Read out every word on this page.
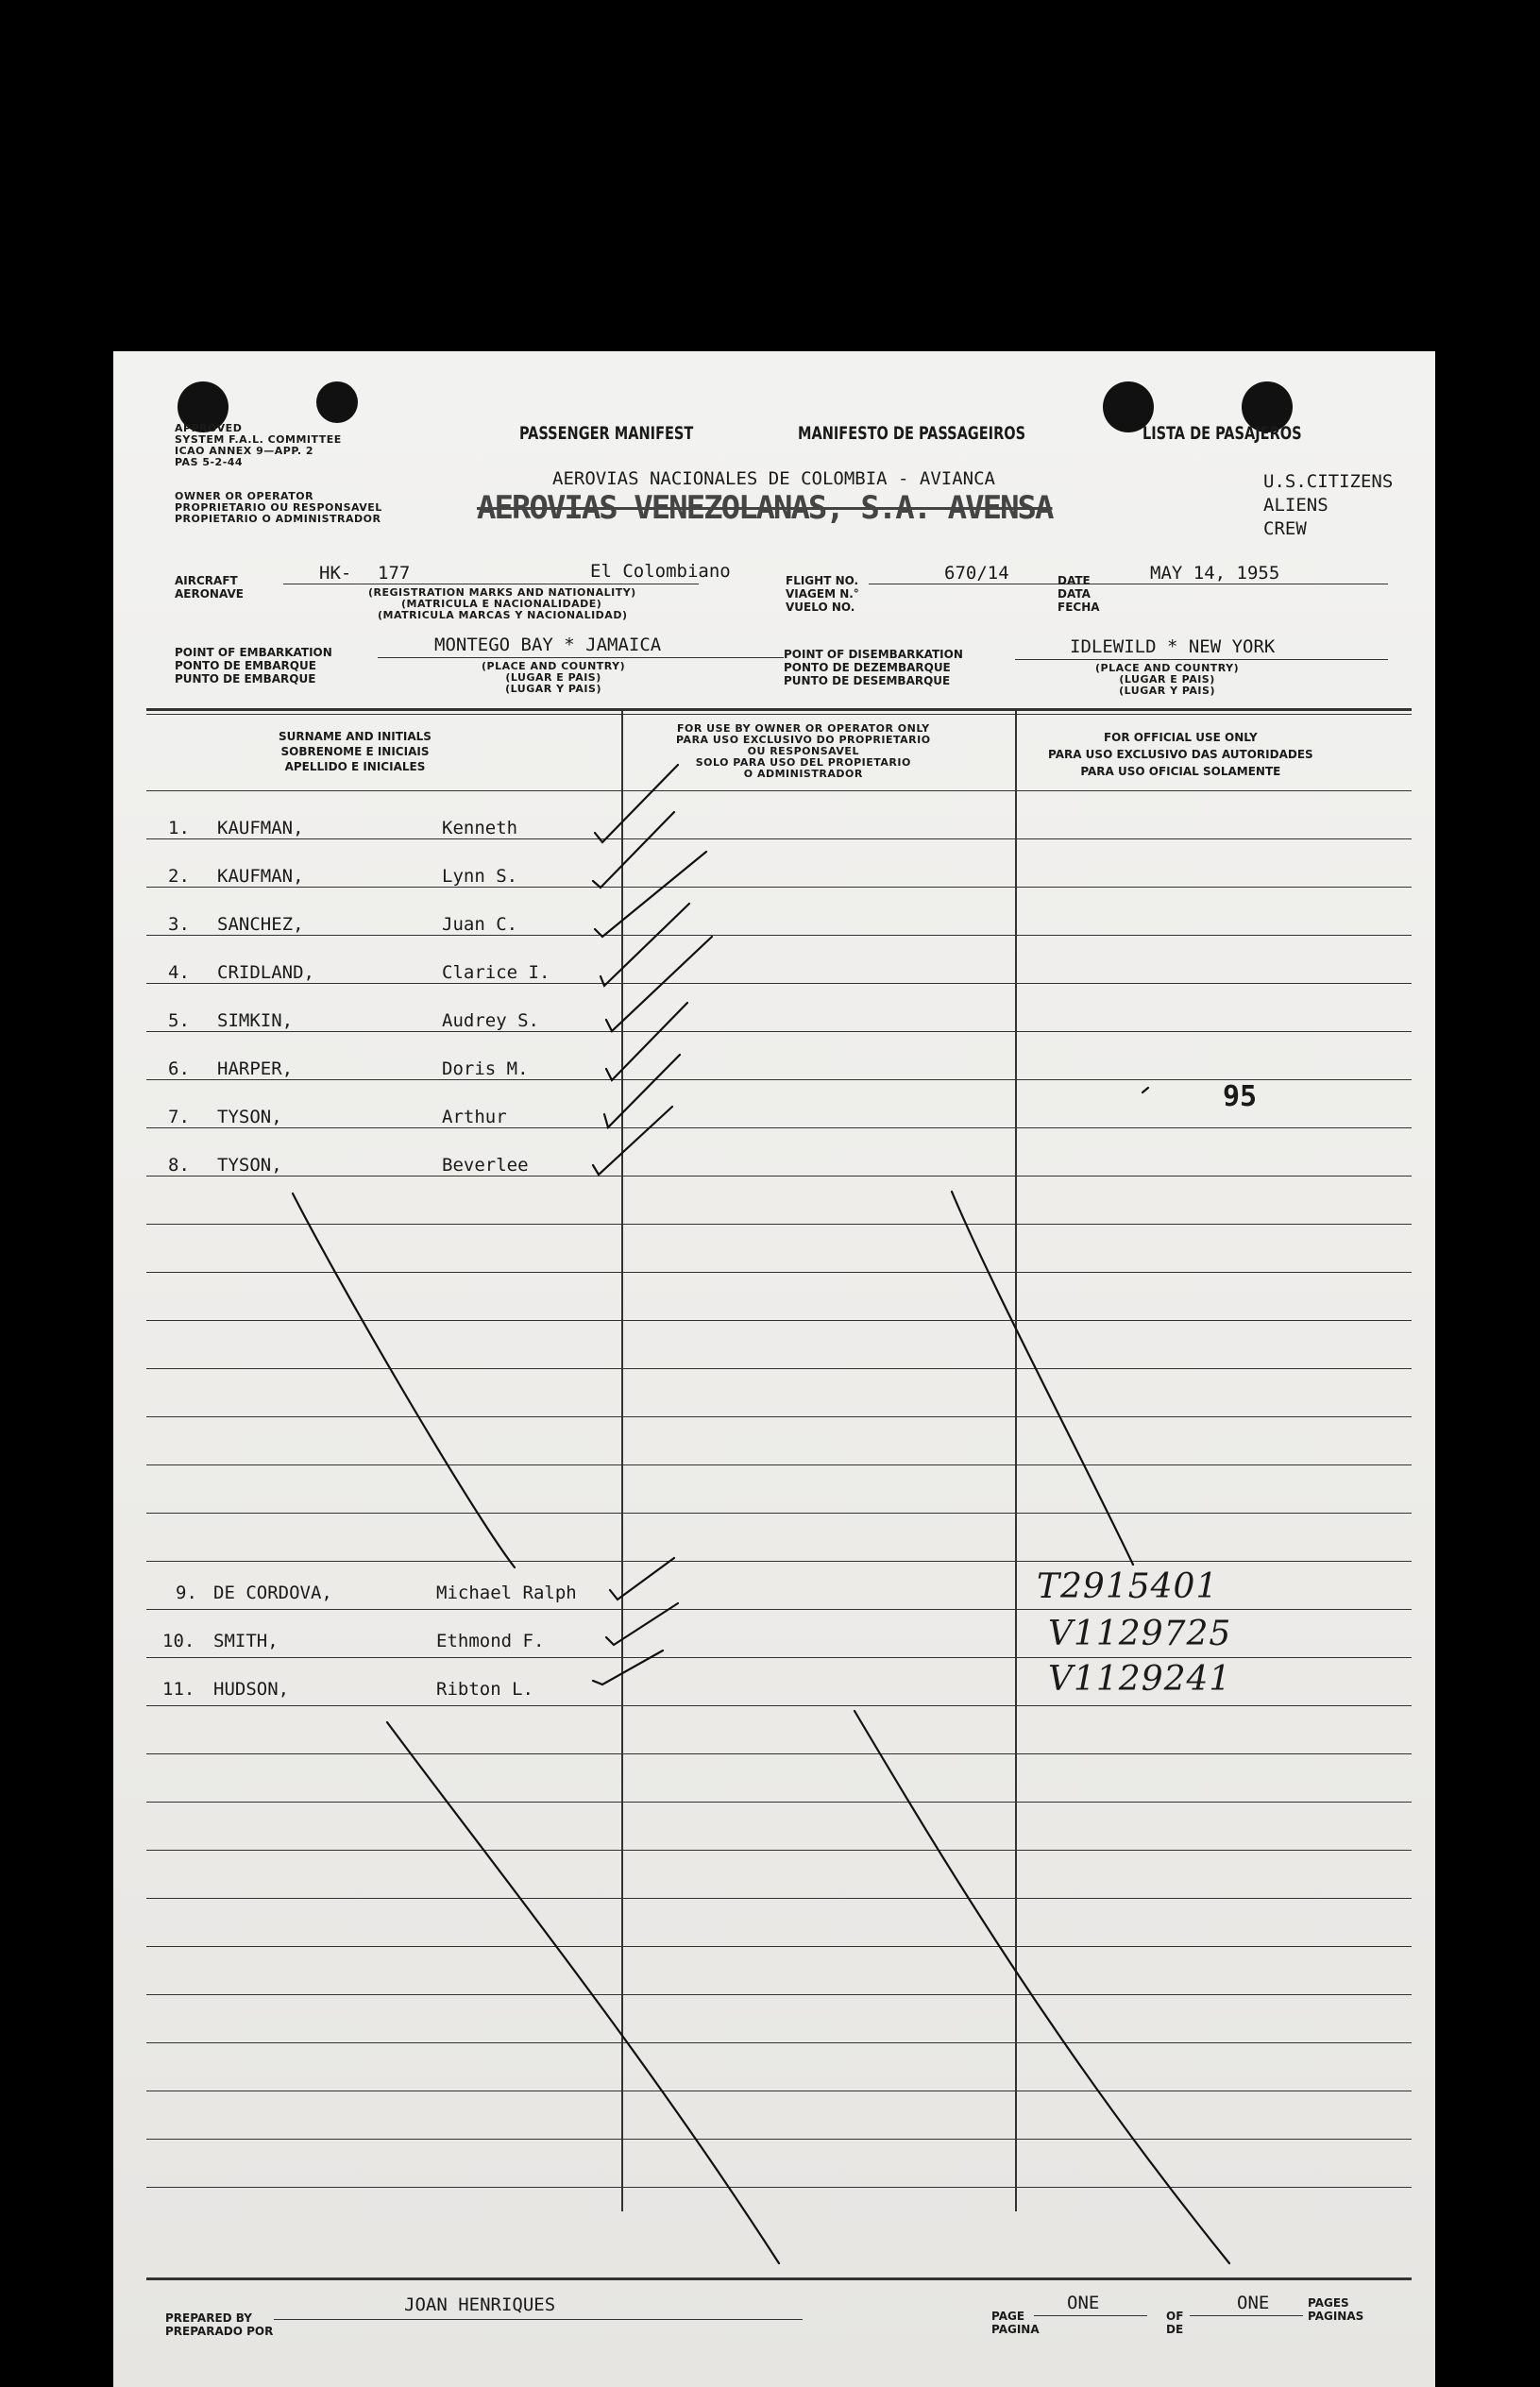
APPROVED
SYSTEM F.A.L. COMMITTEE
ICAO ANNEX 9—APP. 2
PAS 5-2-44
PASSENGER MANIFEST	MANIFESTO DE PASSAGEIROS	LISTA DE PASAJEROS
OWNER OR OPERATOR
PROPRIETARIO OU RESPONSAVEL
PROPIETARIO O ADMINISTRADOR
AEROVIAS NACIONALES DE COLOMBIA - AVIANCA
AEROVIAS VENEZOLANAS, S.A. AVENSA
U.S.CITIZENS
ALIENS
CREW
AIRCRAFT
AERONAVE
HK- 177	El Colombiano
(REGISTRATION MARKS AND NATIONALITY)
(MATRICULA E NACIONALIDADE)
(MATRICULA MARCAS Y NACIONALIDAD)
FLIGHT NO.
VIAGEM N.°
VUELO NO.
670/14	DATE
DATA
FECHA
MAY 14, 1955
POINT OF EMBARKATION
PONTO DE EMBARQUE
PUNTO DE EMBARQUE
MONTEGO BAY * JAMAICA
(PLACE AND COUNTRY)
(LUGAR E PAIS)
(LUGAR Y PAIS)
POINT OF DISEMBARKATION
PONTO DE DEZEMBARQUE
PUNTO DE DESEMBARQUE
IDLEWILD * NEW YORK
(PLACE AND COUNTRY)
(LUGAR E PAIS)
(LUGAR Y PAIS)
SURNAME AND INITIALS
SOBRENOME E INICIAIS
APELLIDO E INICIALES
FOR USE BY OWNER OR OPERATOR ONLY
PARA USO EXCLUSIVO DO PROPRIETARIO
OU RESPONSAVEL
SOLO PARA USO DEL PROPIETARIO
O ADMINISTRADOR
FOR OFFICIAL USE ONLY
PARA USO EXCLUSIVO DAS AUTORIDADES
PARA USO OFICIAL SOLAMENTE
1. KAUFMAN,	Kenneth
2. KAUFMAN,	Lynn S.
3. SANCHEZ,	Juan C.
4. CRIDLAND,	Clarice I.
5. SIMKIN,	Audrey S.
6. HARPER,	Doris M.
7. TYSON,	Arthur
95
8. TYSON,	Beverlee
9. DE CORDOVA,	Michael Ralph	T2915401
10. SMITH,	Ethmond F.	V1129725
11. HUDSON,	Ribton L.	V1129241
PREPARED BY
PREPARADO POR
JOAN HENRIQUES
PAGE
PAGINA
ONE
OF
DE
ONE	PAGES
PAGINAS
